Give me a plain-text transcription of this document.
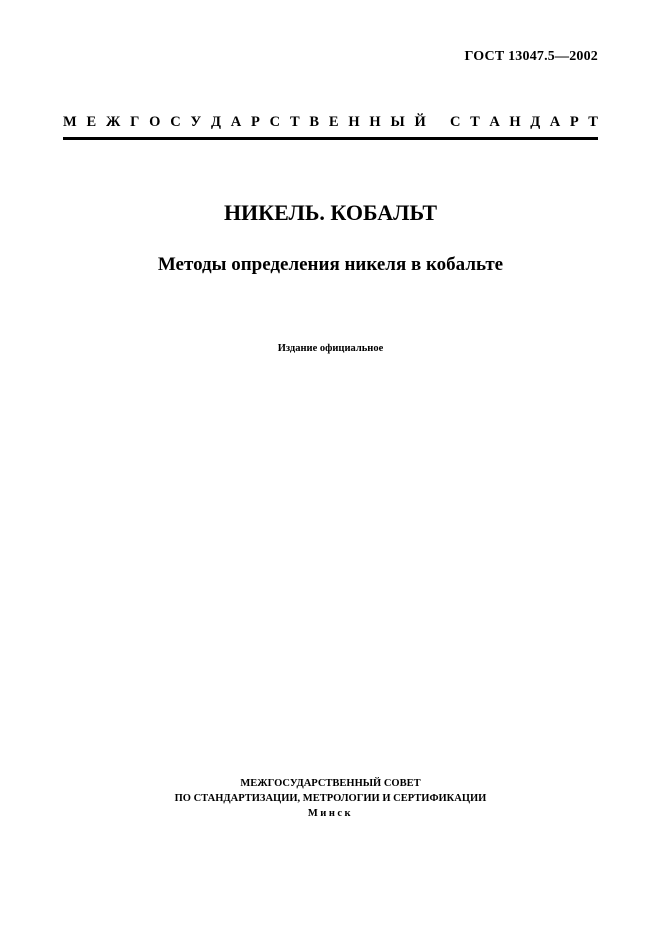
ГОСТ 13047.5—2002
М Е Ж Г О С У Д А Р С Т В Е Н Н Ы Й С Т А Н Д А Р Т
НИКЕЛЬ. КОБАЛЬТ
Методы определения никеля в кобальте
Издание официальное
МЕЖГОСУДАРСТВЕННЫЙ СОВЕТ
ПО СТАНДАРТИЗАЦИИ, МЕТРОЛОГИИ И СЕРТИФИКАЦИИ
Минск
